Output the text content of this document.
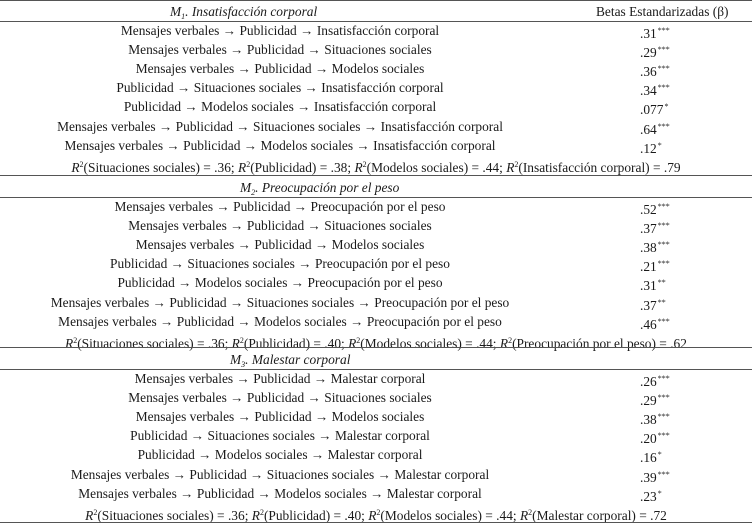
Betas Estandarizadas (β)
$M_1$. Insatisfacción corporal
Mensajes verbales → Publicidad → Insatisfacción corporal	.31***
Mensajes verbales → Publicidad → Situaciones sociales	.29***
Mensajes verbales → Publicidad → Modelos sociales	.36***
Publicidad → Situaciones sociales → Insatisfacción corporal	.34***
Publicidad → Modelos sociales → Insatisfacción corporal	.077*
Mensajes verbales → Publicidad → Situaciones sociales → Insatisfacción corporal	.64***
Mensajes verbales → Publicidad → Modelos sociales → Insatisfacción corporal	.12*
$R^2(Situaciones$ sociales) = .36; $R^2(Publicidad) = .38$; $R^2(Modelos$ sociales) = .44; $R^2(Insatisfacción$ corporal) = .79
$M_2$. Preocupación por el peso
Mensajes verbales → Publicidad → Preocupación por el peso	.52***
Mensajes verbales → Publicidad → Situaciones sociales	.37***
Mensajes verbales → Publicidad → Modelos sociales	.38***
Publicidad → Situaciones sociales → Preocupación por el peso	.21***
Publicidad → Modelos sociales → Preocupación por el peso	.31**
Mensajes verbales → Publicidad → Situaciones sociales → Preocupación por el peso	.37**
Mensajes verbales → Publicidad → Modelos sociales → Preocupación por el peso	.46***
$R^2(Situaciones$ sociales) = .36; $R^2(Publicidad) = .40$; $R^2(Modelos$ sociales) = .44; $R^2(Preocupación$ por el peso) = .62
$M_3$. Malestar corporal
Mensajes verbales → Publicidad → Malestar corporal	.26***
Mensajes verbales → Publicidad → Situaciones sociales	.29***
Mensajes verbales → Publicidad → Modelos sociales	.38***
Publicidad → Situaciones sociales → Malestar corporal	.20***
Publicidad → Modelos sociales → Malestar corporal	.16*
Mensajes verbales → Publicidad → Situaciones sociales → Malestar corporal	.39***
Mensajes verbales → Publicidad → Modelos sociales → Malestar corporal	.23*
$R^2(Situaciones$ sociales) = .36; $R^2(Publicidad) = .40$; $R^2(Modelos$ sociales) = .44; $R^2(Malestar$ corporal) = .72
